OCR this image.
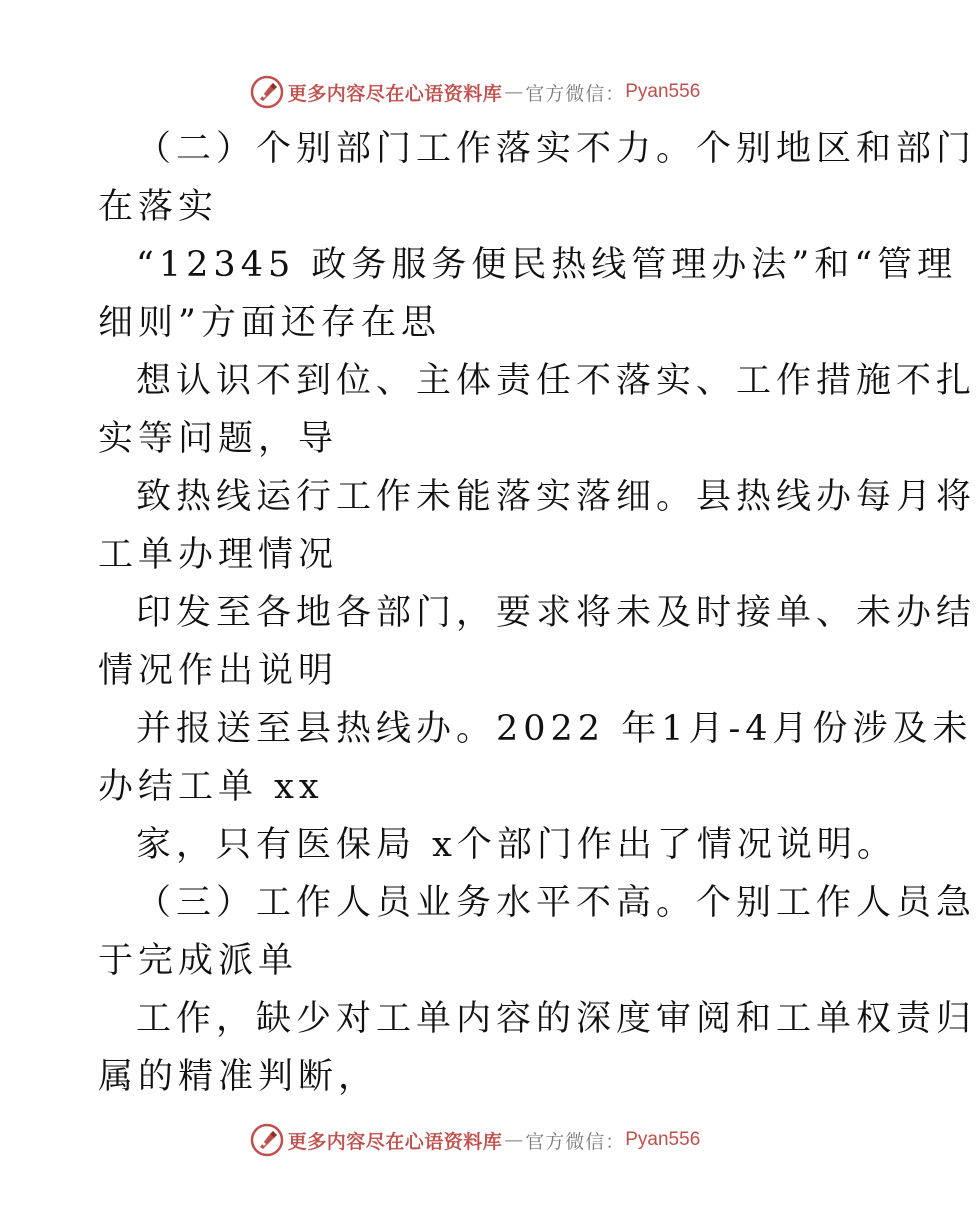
更多内容尽在心语资料库 — 官方微信： Pyan556
（二）个别部门工作落实不力。个别地区和部门
在落实
“12345 政务服务便民热线管理办法”和“管理
细则”方面还存在思
想认识不到位、主体责任不落实、工作措施不扎
实等问题，导
致热线运行工作未能落实落细。县热线办每月将
工单办理情况
印发至各地各部门，要求将未及时接单、未办结
情况作出说明
并报送至县热线办。2022 年1月-4月份涉及未
办结工单 xx
家，只有医保局 x个部门作出了情况说明。
（三）工作人员业务水平不高。个别工作人员急
于完成派单
工作，缺少对工单内容的深度审阅和工单权责归
属的精准判断，
更多内容尽在心语资料库 — 官方微信： Pyan556
